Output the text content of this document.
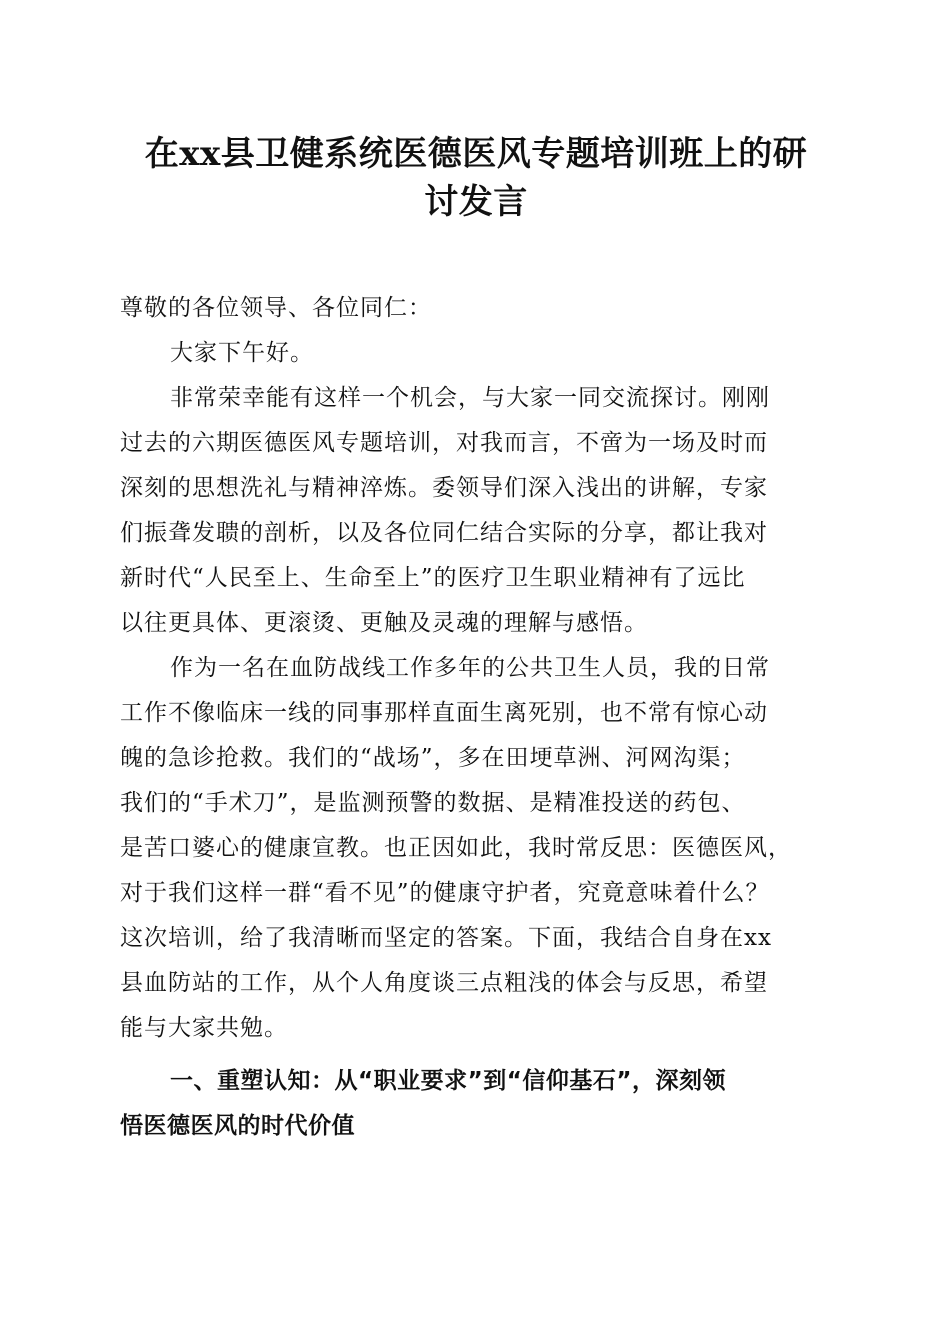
在xx县卫健系统医德医风专题培训班上的研
讨发言

尊敬的各位领导、各位同仁：

大家下午好。

非常荣幸能有这样一个机会，与大家一同交流探讨。刚刚
过去的六期医德医风专题培训，对我而言，不啻为一场及时而
深刻的思想洗礼与精神淬炼。委领导们深入浅出的讲解，专家
们振聋发聩的剖析，以及各位同仁结合实际的分享，都让我对
新时代“人民至上、生命至上”的医疗卫生职业精神有了远比
以往更具体、更滚烫、更触及灵魂的理解与感悟。

作为一名在血防战线工作多年的公共卫生人员，我的日常
工作不像临床一线的同事那样直面生离死别，也不常有惊心动
魄的急诊抢救。我们的“战场”，多在田埂草洲、河网沟渠；
我们的“手术刀”，是监测预警的数据、是精准投送的药包、
是苦口婆心的健康宣教。也正因如此，我时常反思：医德医风，
对于我们这样一群“看不见”的健康守护者，究竟意味着什么？
这次培训，给了我清晰而坚定的答案。下面，我结合自身在xx
县血防站的工作，从个人角度谈三点粗浅的体会与反思，希望
能与大家共勉。

一、重塑认知：从“职业要求”到“信仰基石”，深刻领
悟医德医风的时代价值
